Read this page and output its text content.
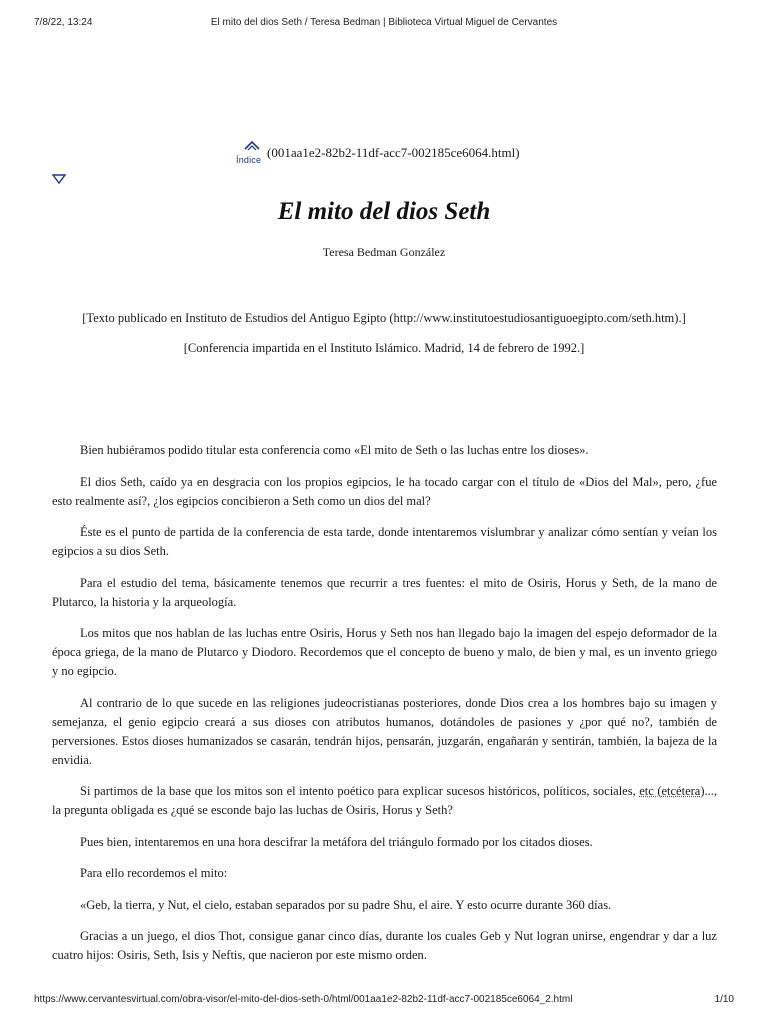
7/8/22, 13:24	El mito del dios Seth / Teresa Bedman | Biblioteca Virtual Miguel de Cervantes
Índice (001aa1e2-82b2-11df-acc7-002185ce6064.html)
El mito del dios Seth
Teresa Bedman González
[Texto publicado en Instituto de Estudios del Antiguo Egipto (http://www.institutoestudiosantiguoegipto.com/seth.htm).]
[Conferencia impartida en el Instituto Islámico. Madrid, 14 de febrero de 1992.]

Bien hubiéramos podido titular esta conferencia como «El mito de Seth o las luchas entre los dioses».

El dios Seth, caído ya en desgracia con los propios egipcios, le ha tocado cargar con el título de «Dios del Mal», pero, ¿fue esto realmente así?, ¿los egipcios concibieron a Seth como un dios del mal?

Éste es el punto de partida de la conferencia de esta tarde, donde intentaremos vislumbrar y analizar cómo sentían y veían los egipcios a su dios Seth.

Para el estudio del tema, básicamente tenemos que recurrir a tres fuentes: el mito de Osiris, Horus y Seth, de la mano de Plutarco, la historia y la arqueología.

Los mitos que nos hablan de las luchas entre Osiris, Horus y Seth nos han llegado bajo la imagen del espejo deformador de la época griega, de la mano de Plutarco y Diodoro. Recordemos que el concepto de bueno y malo, de bien y mal, es un invento griego y no egipcio.

Al contrario de lo que sucede en las religiones judeocristianas posteriores, donde Dios crea a los hombres bajo su imagen y semejanza, el genio egipcio creará a sus dioses con atributos humanos, dotándoles de pasiones y ¿por qué no?, también de perversiones. Estos dioses humanizados se casarán, tendrán hijos, pensarán, juzgarán, engañarán y sentirán, también, la bajeza de la envidia.

Si partimos de la base que los mitos son el intento poético para explicar sucesos históricos, políticos, sociales, etc (etcétera)..., la pregunta obligada es ¿qué se esconde bajo las luchas de Osiris, Horus y Seth?

Pues bien, intentaremos en una hora descifrar la metáfora del triángulo formado por los citados dioses.

Para ello recordemos el mito:

«Geb, la tierra, y Nut, el cielo, estaban separados por su padre Shu, el aire. Y esto ocurre durante 360 días.

Gracias a un juego, el dios Thot, consigue ganar cinco días, durante los cuales Geb y Nut logran unirse, engendrar y dar a luz cuatro hijos: Osiris, Seth, Isis y Neftis, que nacieron por este mismo orden.

https://www.cervantesvirtual.com/obra-visor/el-mito-del-dios-seth-0/html/001aa1e2-82b2-11df-acc7-002185ce6064_2.html	1/10
